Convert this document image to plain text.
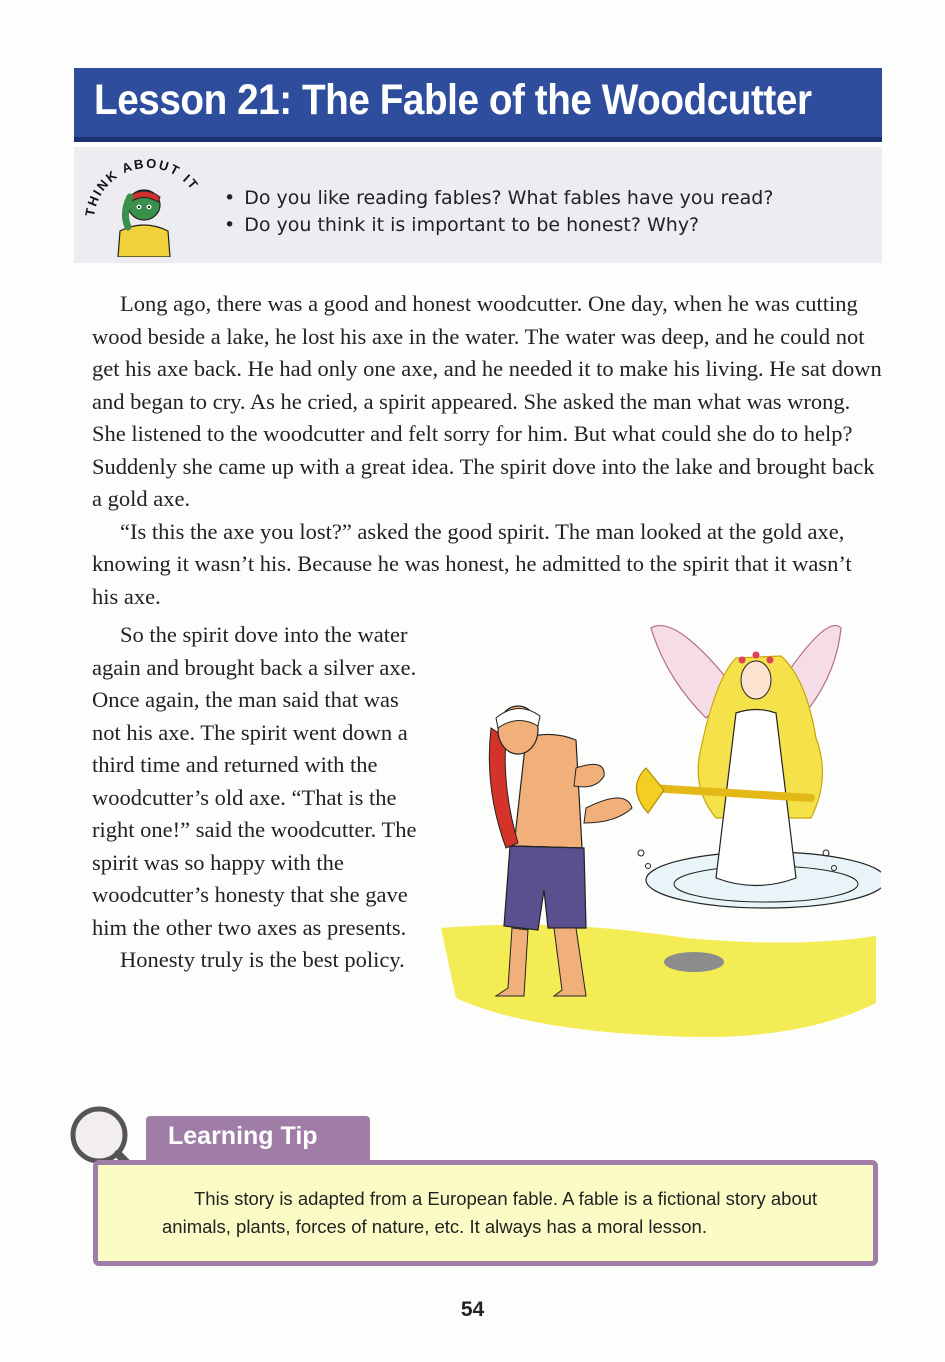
Lesson 21: The Fable of the Woodcutter
THINK ABOUT IT
• Do you like reading fables? What fables have you read?
• Do you think it is important to be honest? Why?

Long ago, there was a good and honest woodcutter. One day, when he was cutting wood beside a lake, he lost his axe in the water. The water was deep, and he could not get his axe back. He had only one axe, and he needed it to make his living. He sat down and began to cry. As he cried, a spirit appeared. She asked the man what was wrong. She listened to the woodcutter and felt sorry for him. But what could she do to help? Suddenly she came up with a great idea. The spirit dove into the lake and brought back a gold axe.

“Is this the axe you lost?” asked the good spirit. The man looked at the gold axe, knowing it wasn’t his. Because he was honest, he admitted to the spirit that it wasn’t his axe.

So the spirit dove into the water again and brought back a silver axe. Once again, the man said that was not his axe. The spirit went down a third time and returned with the woodcutter’s old axe. “That is the right one!” said the woodcutter. The spirit was so happy with the woodcutter’s honesty that she gave him the other two axes as presents.

Honesty truly is the best policy.

Learning Tip
This story is adapted from a European fable. A fable is a fictional story about animals, plants, forces of nature, etc. It always has a moral lesson.
54
